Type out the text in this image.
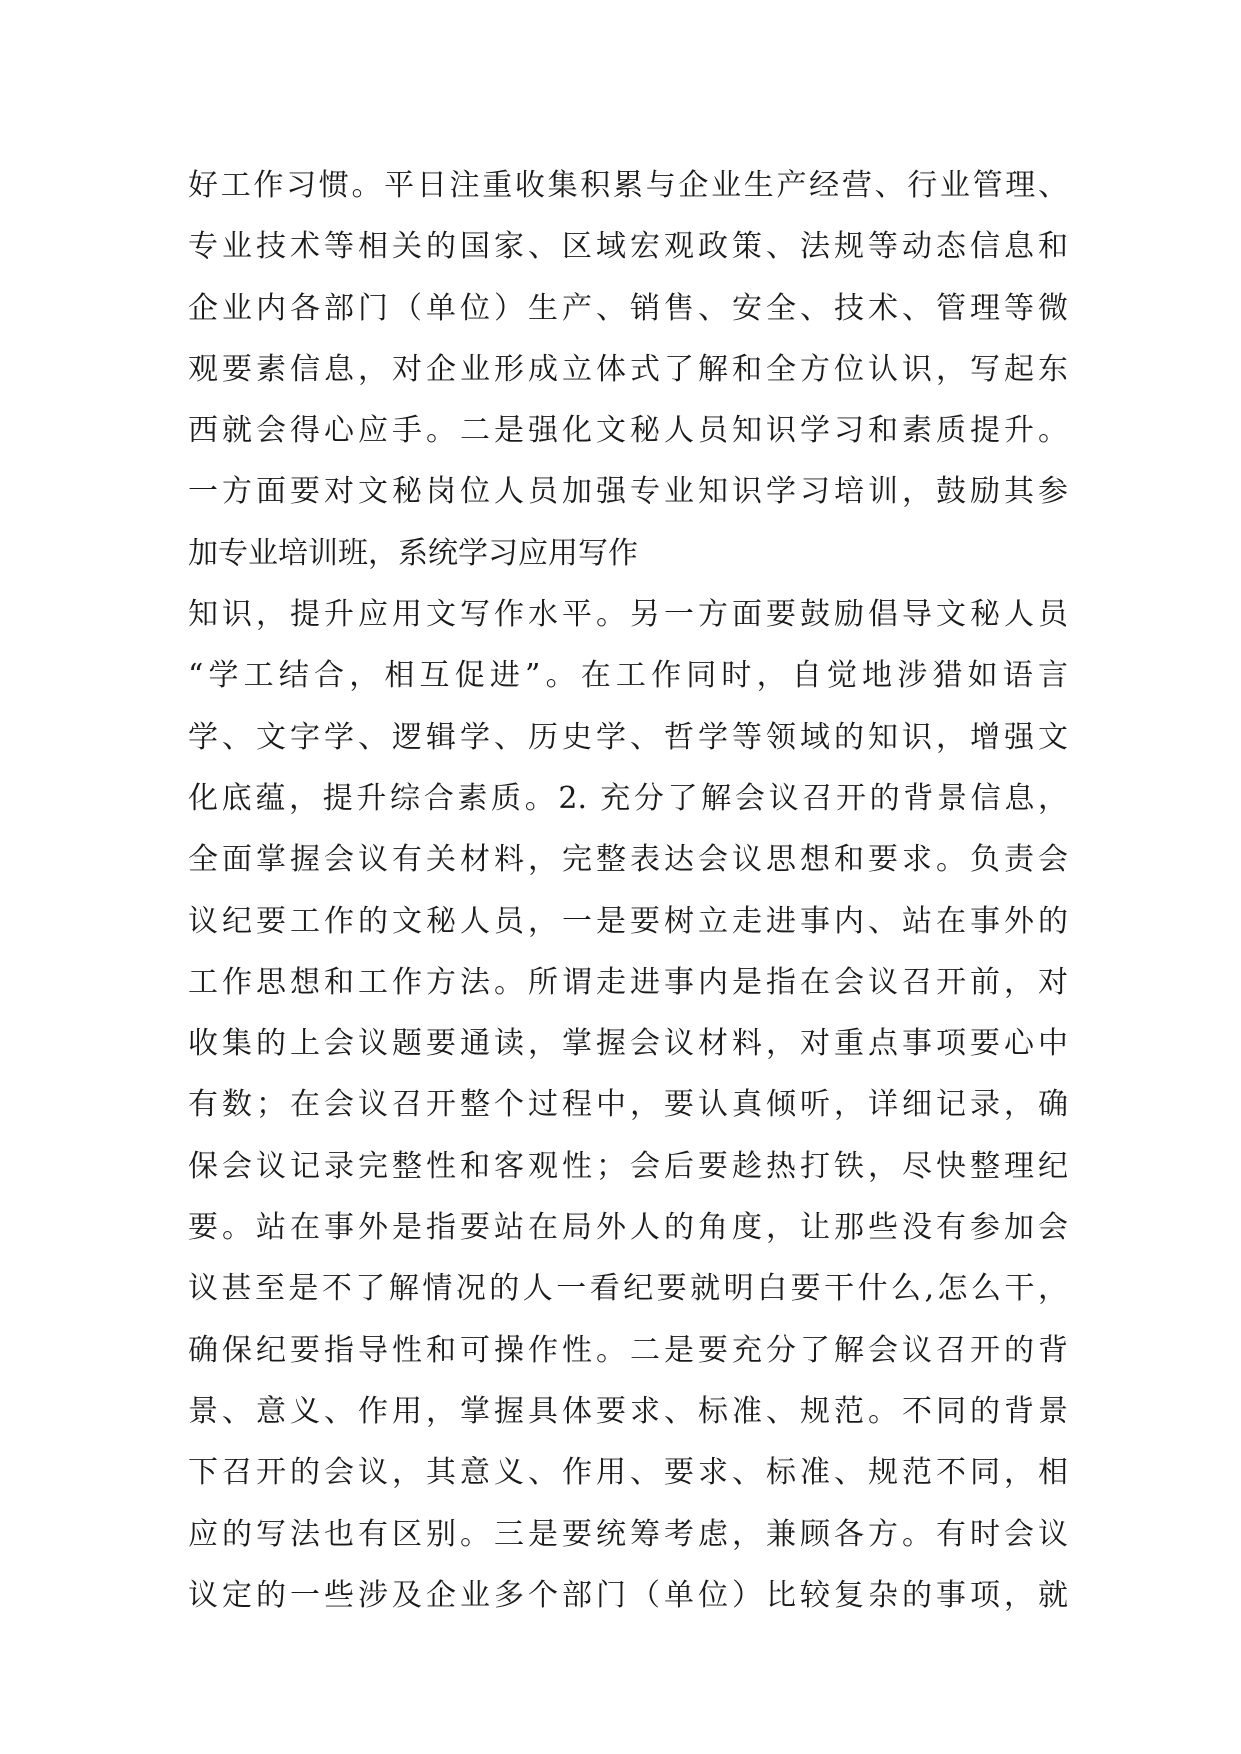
好工作习惯。平日注重收集积累与企业生产经营、行业管理、
专业技术等相关的国家、区域宏观政策、法规等动态信息和
企业内各部门（单位）生产、销售、安全、技术、管理等微
观要素信息，对企业形成立体式了解和全方位认识，写起东
西就会得心应手。二是强化文秘人员知识学习和素质提升。
一方面要对文秘岗位人员加强专业知识学习培训，鼓励其参
加专业培训班，系统学习应用写作
知识，提升应用文写作水平。另一方面要鼓励倡导文秘人员
“学工结合，相互促进”。在工作同时，自觉地涉猎如语言
学、文字学、逻辑学、历史学、哲学等领域的知识，增强文
化底蕴，提升综合素质。2. 充分了解会议召开的背景信息，
全面掌握会议有关材料，完整表达会议思想和要求。负责会
议纪要工作的文秘人员，一是要树立走进事内、站在事外的
工作思想和工作方法。所谓走进事内是指在会议召开前，对
收集的上会议题要通读，掌握会议材料，对重点事项要心中
有数；在会议召开整个过程中，要认真倾听，详细记录，确
保会议记录完整性和客观性；会后要趁热打铁，尽快整理纪
要。站在事外是指要站在局外人的角度，让那些没有参加会
议甚至是不了解情况的人一看纪要就明白要干什么,怎么干，
确保纪要指导性和可操作性。二是要充分了解会议召开的背
景、意义、作用，掌握具体要求、标准、规范。不同的背景
下召开的会议，其意义、作用、要求、标准、规范不同，相
应的写法也有区别。三是要统筹考虑，兼顾各方。有时会议
议定的一些涉及企业多个部门（单位）比较复杂的事项，就
